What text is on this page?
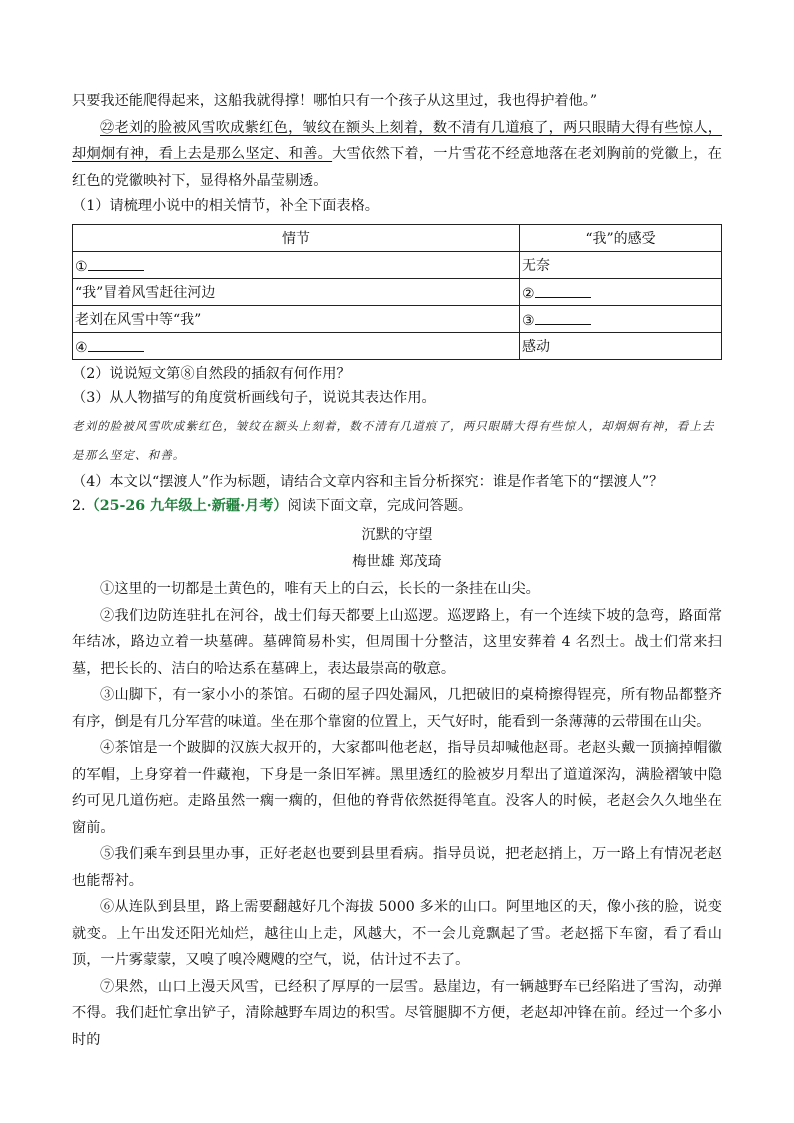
只要我还能爬得起来，这船我就得撑！哪怕只有一个孩子从这里过，我也得护着他。”

㉒老刘的脸被风雪吹成紫红色，皱纹在额头上刻着，数不清有几道痕了，两只眼睛大得有些惊人，却炯炯有神，看上去是那么坚定、和善。大雪依然下着，一片雪花不经意地落在老刘胸前的党徽上，在红色的党徽映衬下，显得格外晶莹剔透。

（1）请梳理小说中的相关情节，补全下面表格。

情节	“我”的感受
①	无奈
“我”冒着风雪赶往河边	②
老刘在风雪中等“我”	③
④	感动

（2）说说短文第⑧自然段的插叙有何作用？

（3）从人物描写的角度赏析画线句子，说说其表达作用。

老刘的脸被风雪吹成紫红色，皱纹在额头上刻着，数不清有几道痕了，两只眼睛大得有些惊人，却炯炯有神，看上去是那么坚定、和善。

（4）本文以“摆渡人”作为标题，请结合文章内容和主旨分析探究：谁是作者笔下的“摆渡人”？

2.（25-26 九年级上·新疆·月考）阅读下面文章，完成问答题。

沉默的守望

梅世雄 郑茂琦

①这里的一切都是土黄色的，唯有天上的白云，长长的一条挂在山尖。

②我们边防连驻扎在河谷，战士们每天都要上山巡逻。巡逻路上，有一个连续下坡的急弯，路面常年结冰，路边立着一块墓碑。墓碑简易朴实，但周围十分整洁，这里安葬着 4 名烈士。战士们常来扫墓，把长长的、洁白的哈达系在墓碑上，表达最崇高的敬意。

③山脚下，有一家小小的茶馆。石砌的屋子四处漏风，几把破旧的桌椅擦得锃亮，所有物品都整齐有序，倒是有几分军营的味道。坐在那个靠窗的位置上，天气好时，能看到一条薄薄的云带围在山尖。

④茶馆是一个跛脚的汉族大叔开的，大家都叫他老赵，指导员却喊他赵哥。老赵头戴一顶摘掉帽徽的军帽，上身穿着一件藏袍，下身是一条旧军裤。黑里透红的脸被岁月犁出了道道深沟，满脸褶皱中隐约可见几道伤疤。走路虽然一瘸一瘸的，但他的脊背依然挺得笔直。没客人的时候，老赵会久久地坐在窗前。

⑤我们乘车到县里办事，正好老赵也要到县里看病。指导员说，把老赵捎上，万一路上有情况老赵也能帮衬。

⑥从连队到县里，路上需要翻越好几个海拔 5000 多米的山口。阿里地区的天，像小孩的脸，说变就变。上午出发还阳光灿烂，越往山上走，风越大，不一会儿竟飘起了雪。老赵摇下车窗，看了看山顶，一片雾蒙蒙，又嗅了嗅冷飕飕的空气，说，估计过不去了。

⑦果然，山口上漫天风雪，已经积了厚厚的一层雪。悬崖边，有一辆越野车已经陷进了雪沟，动弹不得。我们赶忙拿出铲子，清除越野车周边的积雪。尽管腿脚不方便，老赵却冲锋在前。经过一个多小时的
